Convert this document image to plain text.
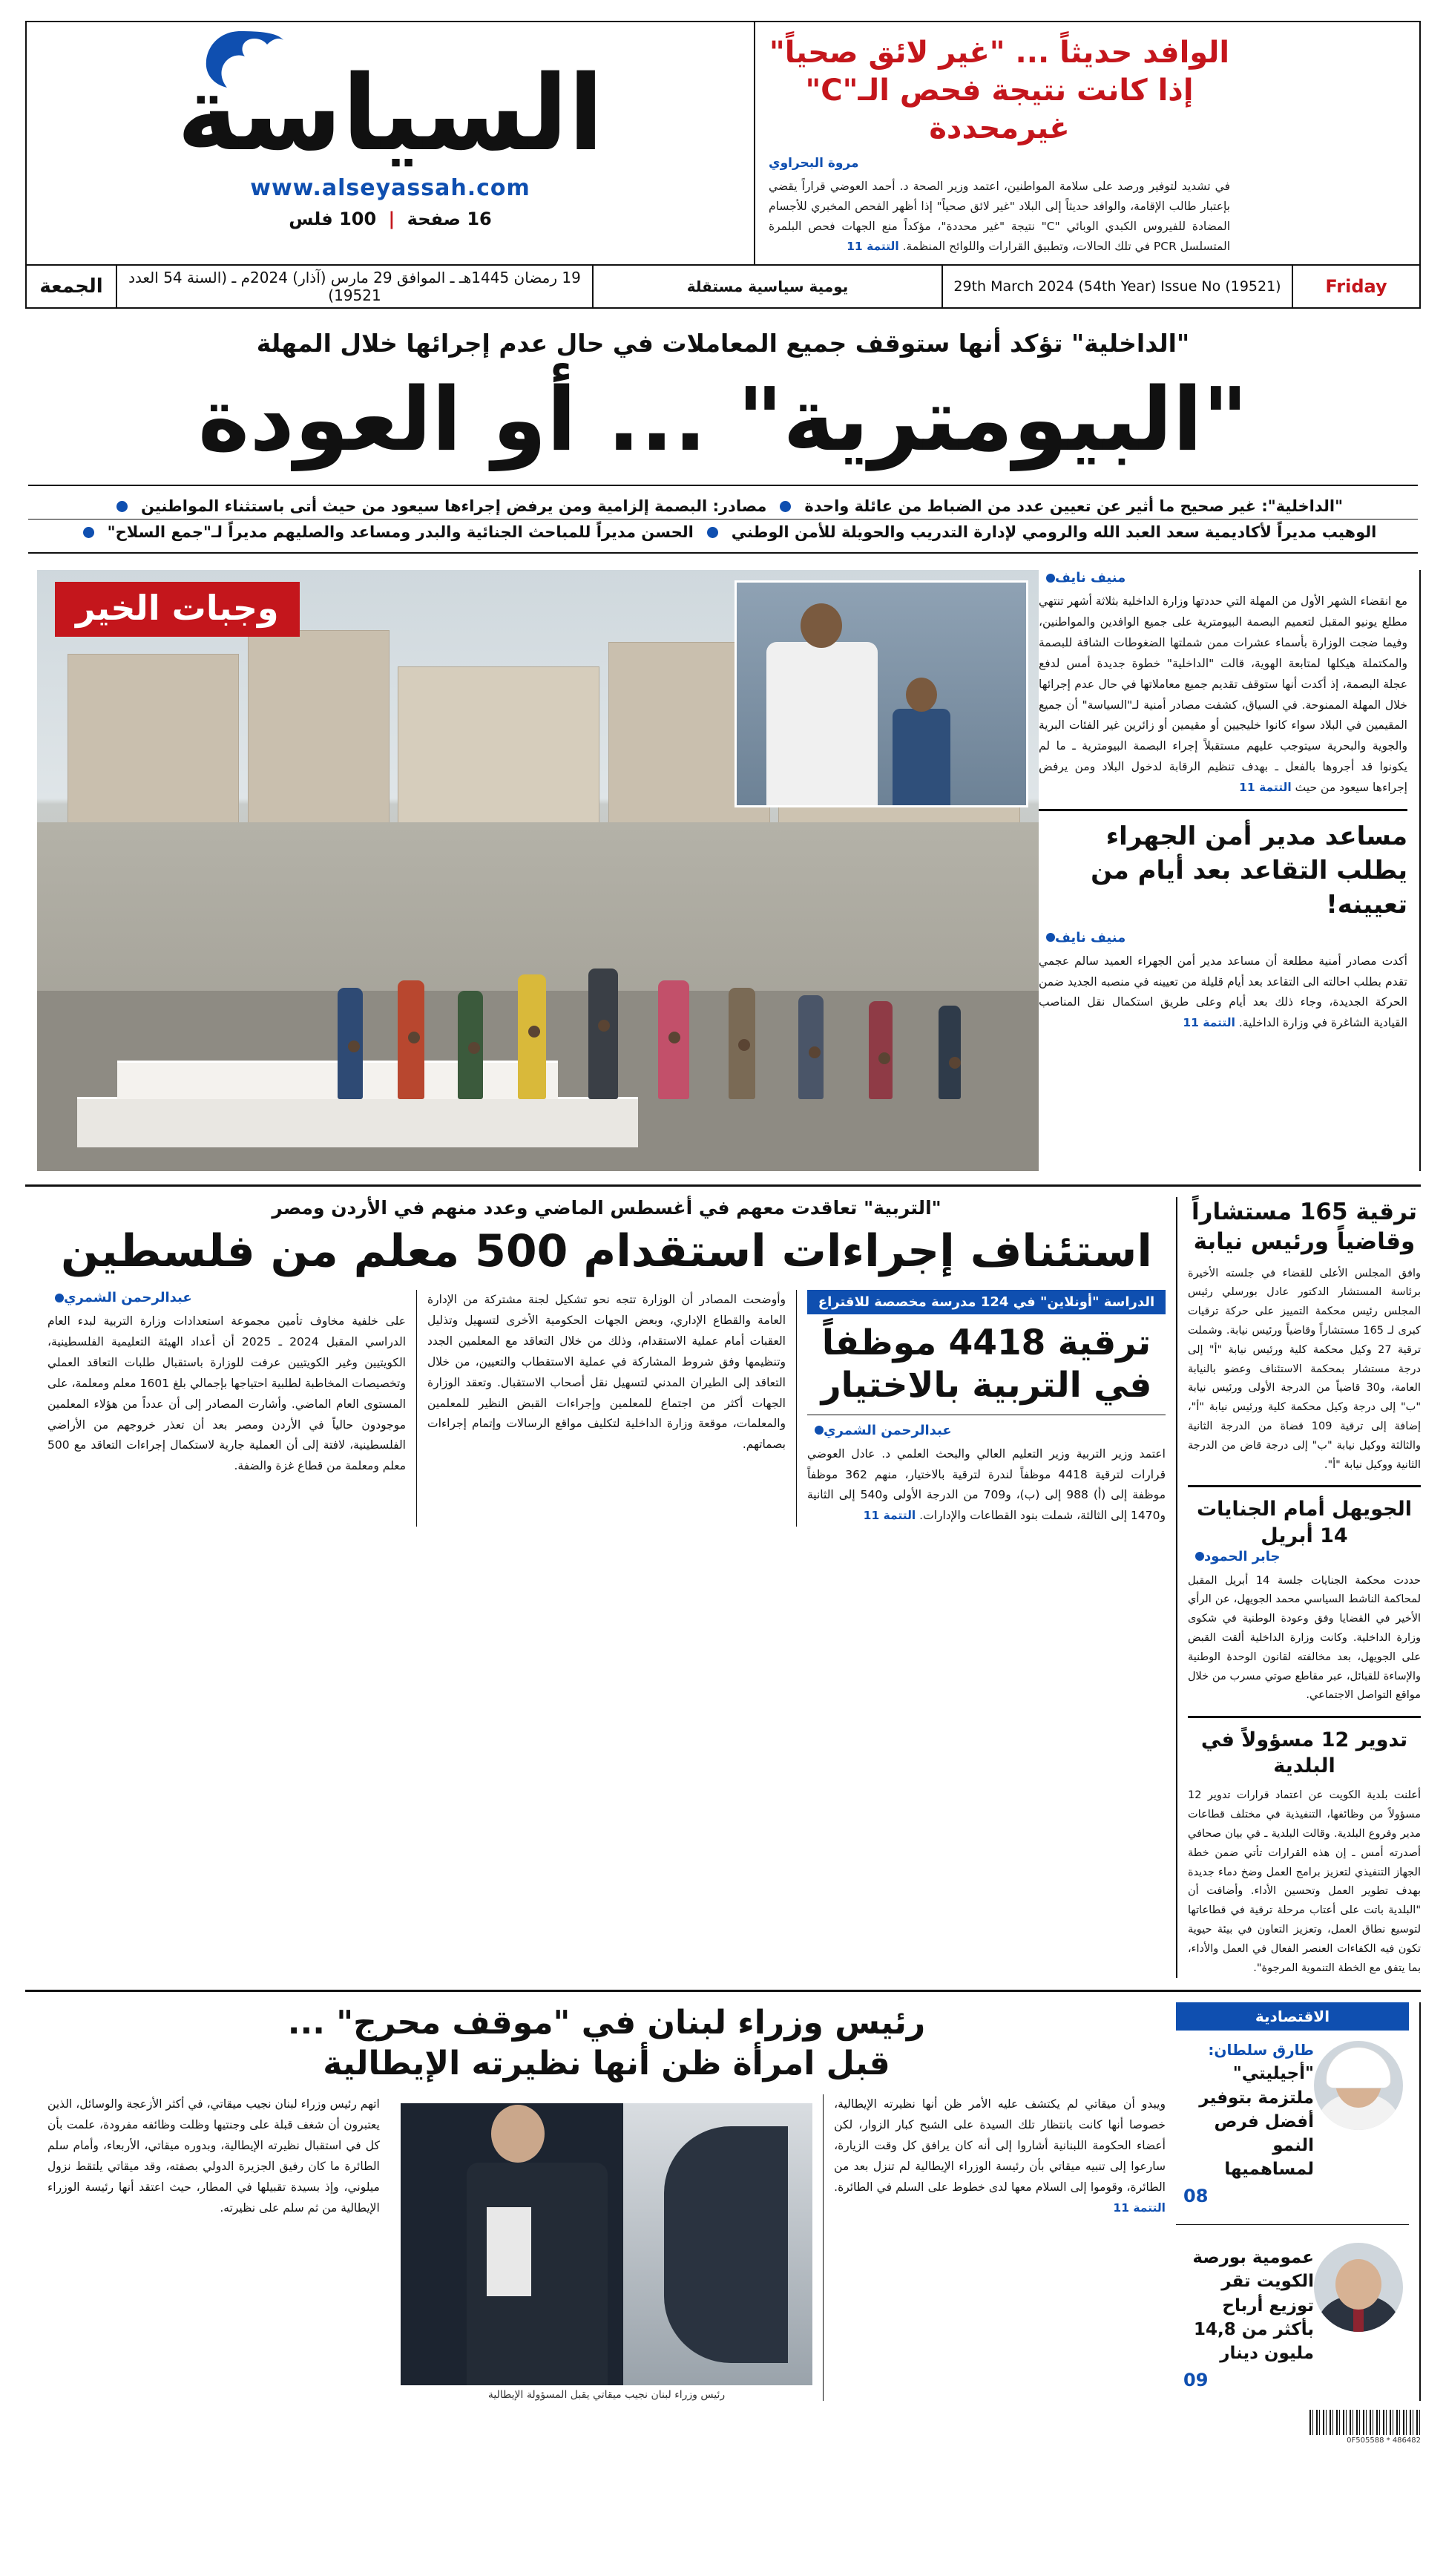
السياسة
www.alseyassah.com
16 صفحة | 100 فلس
الوافد حديثاً ... "غير لائق صحياً"
إذا كانت نتيجة فحص الـ"C" غيرمحددة
مروة البحراوي
في تشديد لتوفير ورصد على سلامة المواطنين، اعتمد وزير الصحة د. أحمد العوضي قراراً يقضي بإعتبار طالب الإقامة، والوافد حديثاً إلى البلاد "غير لائق صحياً" إذا أظهر الفحص المخبري للأجسام المضادة للفيروس الكبدي الوبائي "C" نتيجة "غير محددة"، مؤكداً منع الجهات فحص البلمرة المتسلسل PCR في تلك الحالات، وتطبيق القرارات واللوائح المنظمة. التتمة 11
الجمعة	19 رمضان 1445هـ ـ الموافق 29 مارس (آذار) 2024م ـ (السنة 54 العدد 19521)	يومية سياسية مستقلة	29th March 2024 (54th Year) Issue No (19521)	Friday
"الداخلية" تؤكد أنها ستوقف جميع المعاملات في حال عدم إجرائها خلال المهلة
"البيومترية" ... أو العودة
مصادر: البصمة إلزامية ومن يرفض إجراءها سيعود من حيث أتى باستثناء المواطنين "الداخلية": غير صحيح ما أثير عن تعيين عدد من الضباط من عائلة واحدة
الحسن مديراً للمباحث الجنائية والبدر ومساعد والصليهم مديراً لـ"جمع السلاح" الوهيب مديراً لأكاديمية سعد العبد الله والرومي لإدارة التدريب والحويلة للأمن الوطني
وجبات الخير
منيف نايف
مع انقضاء الشهر الأول من المهلة التي حددتها وزارة الداخلية بثلاثة أشهر تنتهي مطلع يونيو المقبل لتعميم البصمة البيومترية على جميع الوافدين والمواطنين، وفيما ضجت الوزارة بأسماء عشرات ممن شملتها الضغوطات الشاقة للبصمة والمكتملة هيكلها لمتابعة الهوية، قالت "الداخلية" خطوة جديدة أمس لدفع عجلة البصمة، إذ أكدت أنها ستوقف تقديم جميع معاملاتها في حال عدم إجرائها خلال المهلة الممنوحة. في السياق، كشفت مصادر أمنية لـ"السياسة" أن جميع المقيمين في البلاد سواء كانوا خليجيين أو مقيمين أو زائرين غير الفئات البرية والجوية والبحرية سيتوجب عليهم مستقبلاً إجراء البصمة البيومترية ـ ما لم يكونوا قد أجروها بالفعل ـ بهدف تنظيم الرقابة لدخول البلاد ومن يرفض إجراءها سيعود من حيث التتمة 11
مساعد مدير أمن الجهراء يطلب التقاعد بعد أيام من تعيينه!
منيف نايف
أكدت مصادر أمنية مطلعة أن مساعد مدير أمن الجهراء العميد سالم عجمي تقدم بطلب احالته الى التقاعد بعد أيام قليلة من تعيينه في منصبه الجديد ضمن الحركة الجديدة، وجاء ذلك بعد أيام وعلى طريق استكمال نقل المناصب القيادية الشاغرة في وزارة الداخلية. التتمة 11
"التربية" تعاقدت معهم في أغسطس الماضي وعدد منهم في الأردن ومصر
استئناف إجراءات استقدام 500 معلم من فلسطين
عبدالرحمن الشمري
على خلفية مخاوف تأمين مجموعة استعدادات وزارة التربية لبدء العام الدراسي المقبل 2024 ـ 2025 أن أعداد الهيئة التعليمية الفلسطينية، الكويتيين وغير الكويتيين عرفت للوزارة باستقبال طلبات التعاقد العملي وتخصيصات المخاطبة لطلبية احتياجها بإجمالي بلغ 1601 معلم ومعلمة، على المستوى العام الماضي. وأشارت المصادر إلى أن عدداً من هؤلاء المعلمين موجودون حالياً في الأردن ومصر بعد أن تعذر خروجهم من الأراضي الفلسطينية، لافتة إلى أن العملية جارية لاستكمال إجراءات التعاقد مع 500 معلم ومعلمة من قطاع غزة والضفة.
وأوضحت المصادر أن الوزارة تتجه نحو تشكيل لجنة مشتركة من الإدارة العامة والقطاع الإداري، وبعض الجهات الحكومية الأخرى لتسهيل وتذليل العقبات أمام عملية الاستقدام، وذلك من خلال التعاقد مع المعلمين الجدد وتنظيمها وفق شروط المشاركة في عملية الاستقطاب والتعيين، من خلال التعاقد إلى الطيران المدني لتسهيل نقل أصحاب الاستقبال. وتعقد الوزارة الجهات أكثر من اجتماع للمعلمين وإجراءات القبض النظير للمعلمين والمعلمات، موقعة وزارة الداخلية لتكليف مواقع الرسالات وإتمام إجراءات بصماتهم.
الدراسة "أونلاين" في 124 مدرسة مخصصة للاقتراع
ترقية 4418 موظفاً في التربية بالاختيار
عبدالرحمن الشمري
اعتمد وزير التربية وزير التعليم العالي والبحث العلمي د. عادل العوضي قرارات لترقية 4418 موظفاً لندرة لترقية بالاختيار، منهم 362 موظفاً موظفة إلى (أ) 988 إلى (ب)، و709 من الدرجة الأولى و540 إلى الثانية و1470 إلى الثالثة، شملت بنود القطاعات والإدارات. التتمة 11
ترقية 165 مستشاراً وقاضياً ورئيس نيابة
وافق المجلس الأعلى للقضاء في جلسته الأخيرة برئاسة المستشار الدكتور عادل بورسلي رئيس المجلس رئيس محكمة التمييز على حركة ترقيات كبرى لـ 165 مستشاراً وقاضياً ورئيس نيابة. وشملت ترقية 27 وكيل محكمة كلية ورئيس نيابة "أ" إلى درجة مستشار بمحكمة الاستئناف وعضو بالنيابة العامة، و30 قاضياً من الدرجة الأولى ورئيس نيابة "ب" إلى درجة وكيل محكمة كلية ورئيس نيابة "أ"، إضافة إلى ترقية 109 قضاة من الدرجة الثانية والثالثة ووكيل نيابة "ب" إلى درجة قاض من الدرجة الثانية ووكيل نيابة "أ".
الجويهل أمام الجنايات 14 أبريل
جابر الحمود
حددت محكمة الجنايات جلسة 14 أبريل المقبل لمحاكمة الناشط السياسي محمد الجويهل، عن الرأي الأخير في القضايا وفق وعودة الوطنية في شكوى وزارة الداخلية. وكانت وزارة الداخلية ألقت القبض على الجويهل، بعد مخالفته لقانون الوحدة الوطنية والإساءة للقبائل، عبر مقاطع صوتي مسرب من خلال مواقع التواصل الاجتماعي.
تدوير 12 مسؤولاً في البلدية
أعلنت بلدية الكويت عن اعتماد قرارات تدوير 12 مسؤولاً من وظائفها، التنفيذية في مختلف قطاعات مدير وفروع البلدية. وقالت البلدية ـ في بيان صحافي أصدرته أمس ـ إن هذه القرارات تأتي ضمن خطة الجهاز التنفيذي لتعزيز برامج العمل وضخ دماء جديدة بهدف تطوير العمل وتحسين الأداء. وأضافت أن "البلدية باتت على أعتاب مرحلة ترقية في قطاعاتها لتوسيع نطاق العمل، وتعزيز التعاون في بيئة حيوية تكون فيه الكفاءات العنصر الفعال في العمل والأداء، بما يتفق مع الخطة التنموية المرجوة".
رئيس وزراء لبنان في "موقف محرج" ...
قبل امرأة ظن أنها نظيرته الإيطالية
اتهم رئيس وزراء لبنان نجيب ميقاتي، في أكثر الأزعجة والوسائل، الذين يعتبرون أن شغف قبلة على وجنتيها وظلت وظائفه مفرودة، علمت بأن كل في استقبال نظيرته الإيطالية، وبدوره ميقاتي، الأربعاء، وأمام سلم الطائرة ما كان رفيق الجزيرة الدولي بصفته، وقد ميقاتي يلتقط نزول ميلوني، وإذ بسيدة تقبيلها في المطار، حيث اعتقد أنها رئيسة الوزراء الإيطالية من ثم سلم على نظيرته.
رئيس وزراء لبنان نجيب ميقاتي يقبل المسؤولة الإيطالية
ويبدو أن ميقاتي لم يكتشف عليه الأمر ظن أنها نظيرته الإيطالية، خصوصا أنها كانت بانتظار تلك السيدة على الشبح كبار الزوار، لكن أعضاء الحكومة اللبنانية أشاروا إلى أنه كان يرافق كل وقت الزيارة، سارعوا إلى تنبيه ميقاتي بأن رئيسة الوزراء الإيطالية لم تنزل بعد من الطائرة، وقوموا إلى السلام معها لدى خطوط على السلم في الطائرة. التتمة 11
الاقتصادية
طارق سلطان:
"أجيليتي" ملتزمة بتوفير أفضل فرص النمو لمساهميها
08
عمومية بورصة الكويت تقر توزيع أرباح بأكثر من 14,8 مليون دينار
09
0F505588 * 486482
